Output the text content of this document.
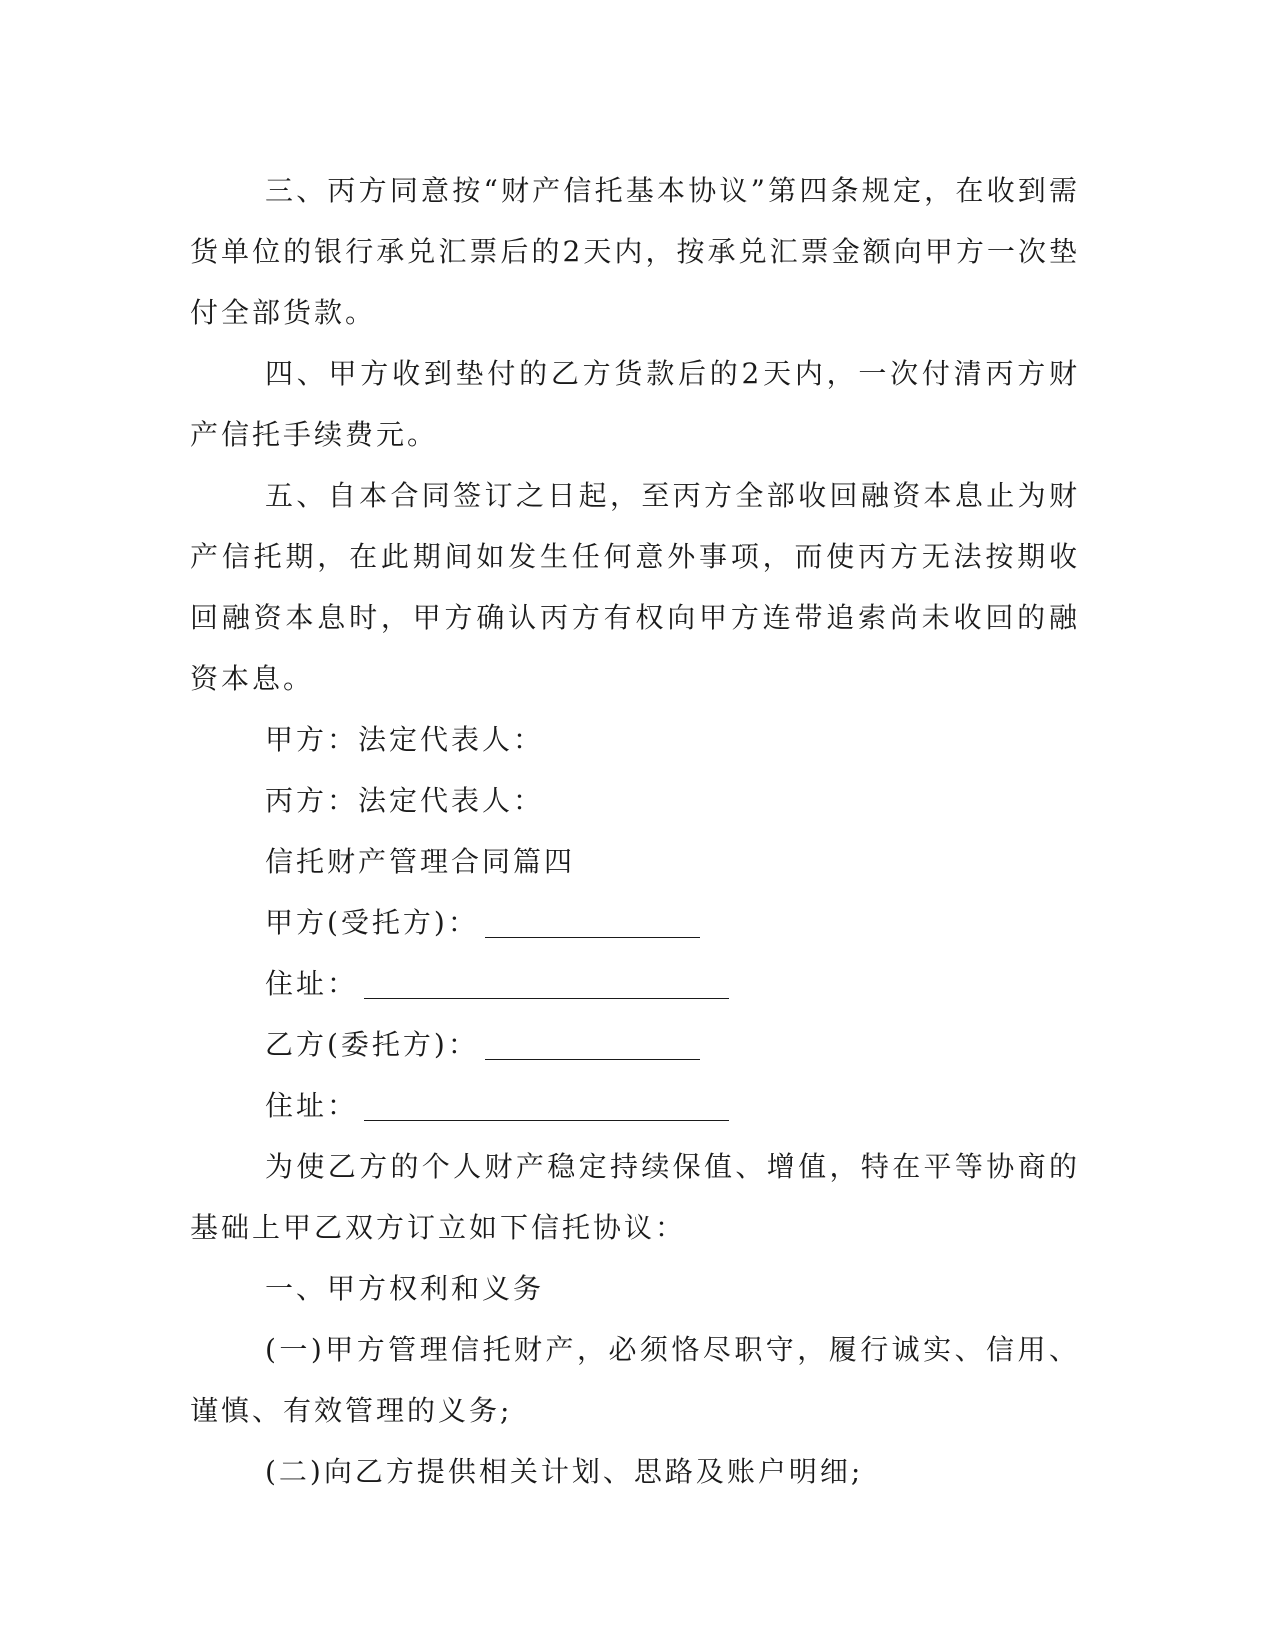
三、丙方同意按“财产信托基本协议”第四条规定，在收到需货单位的银行承兑汇票后的2天内，按承兑汇票金额向甲方一次垫付全部货款。

四、甲方收到垫付的乙方货款后的2天内，一次付清丙方财产信托手续费元。

五、自本合同签订之日起，至丙方全部收回融资本息止为财产信托期，在此期间如发生任何意外事项，而使丙方无法按期收回融资本息时，甲方确认丙方有权向甲方连带追索尚未收回的融资本息。

甲方：法定代表人：

丙方：法定代表人：

信托财产管理合同篇四

甲方(受托方)：

住址：

乙方(委托方)：

住址：

为使乙方的个人财产稳定持续保值、增值，特在平等协商的基础上甲乙双方订立如下信托协议：

一、甲方权利和义务

(一)甲方管理信托财产，必须恪尽职守，履行诚实、信用、谨慎、有效管理的义务;

(二)向乙方提供相关计划、思路及账户明细;
